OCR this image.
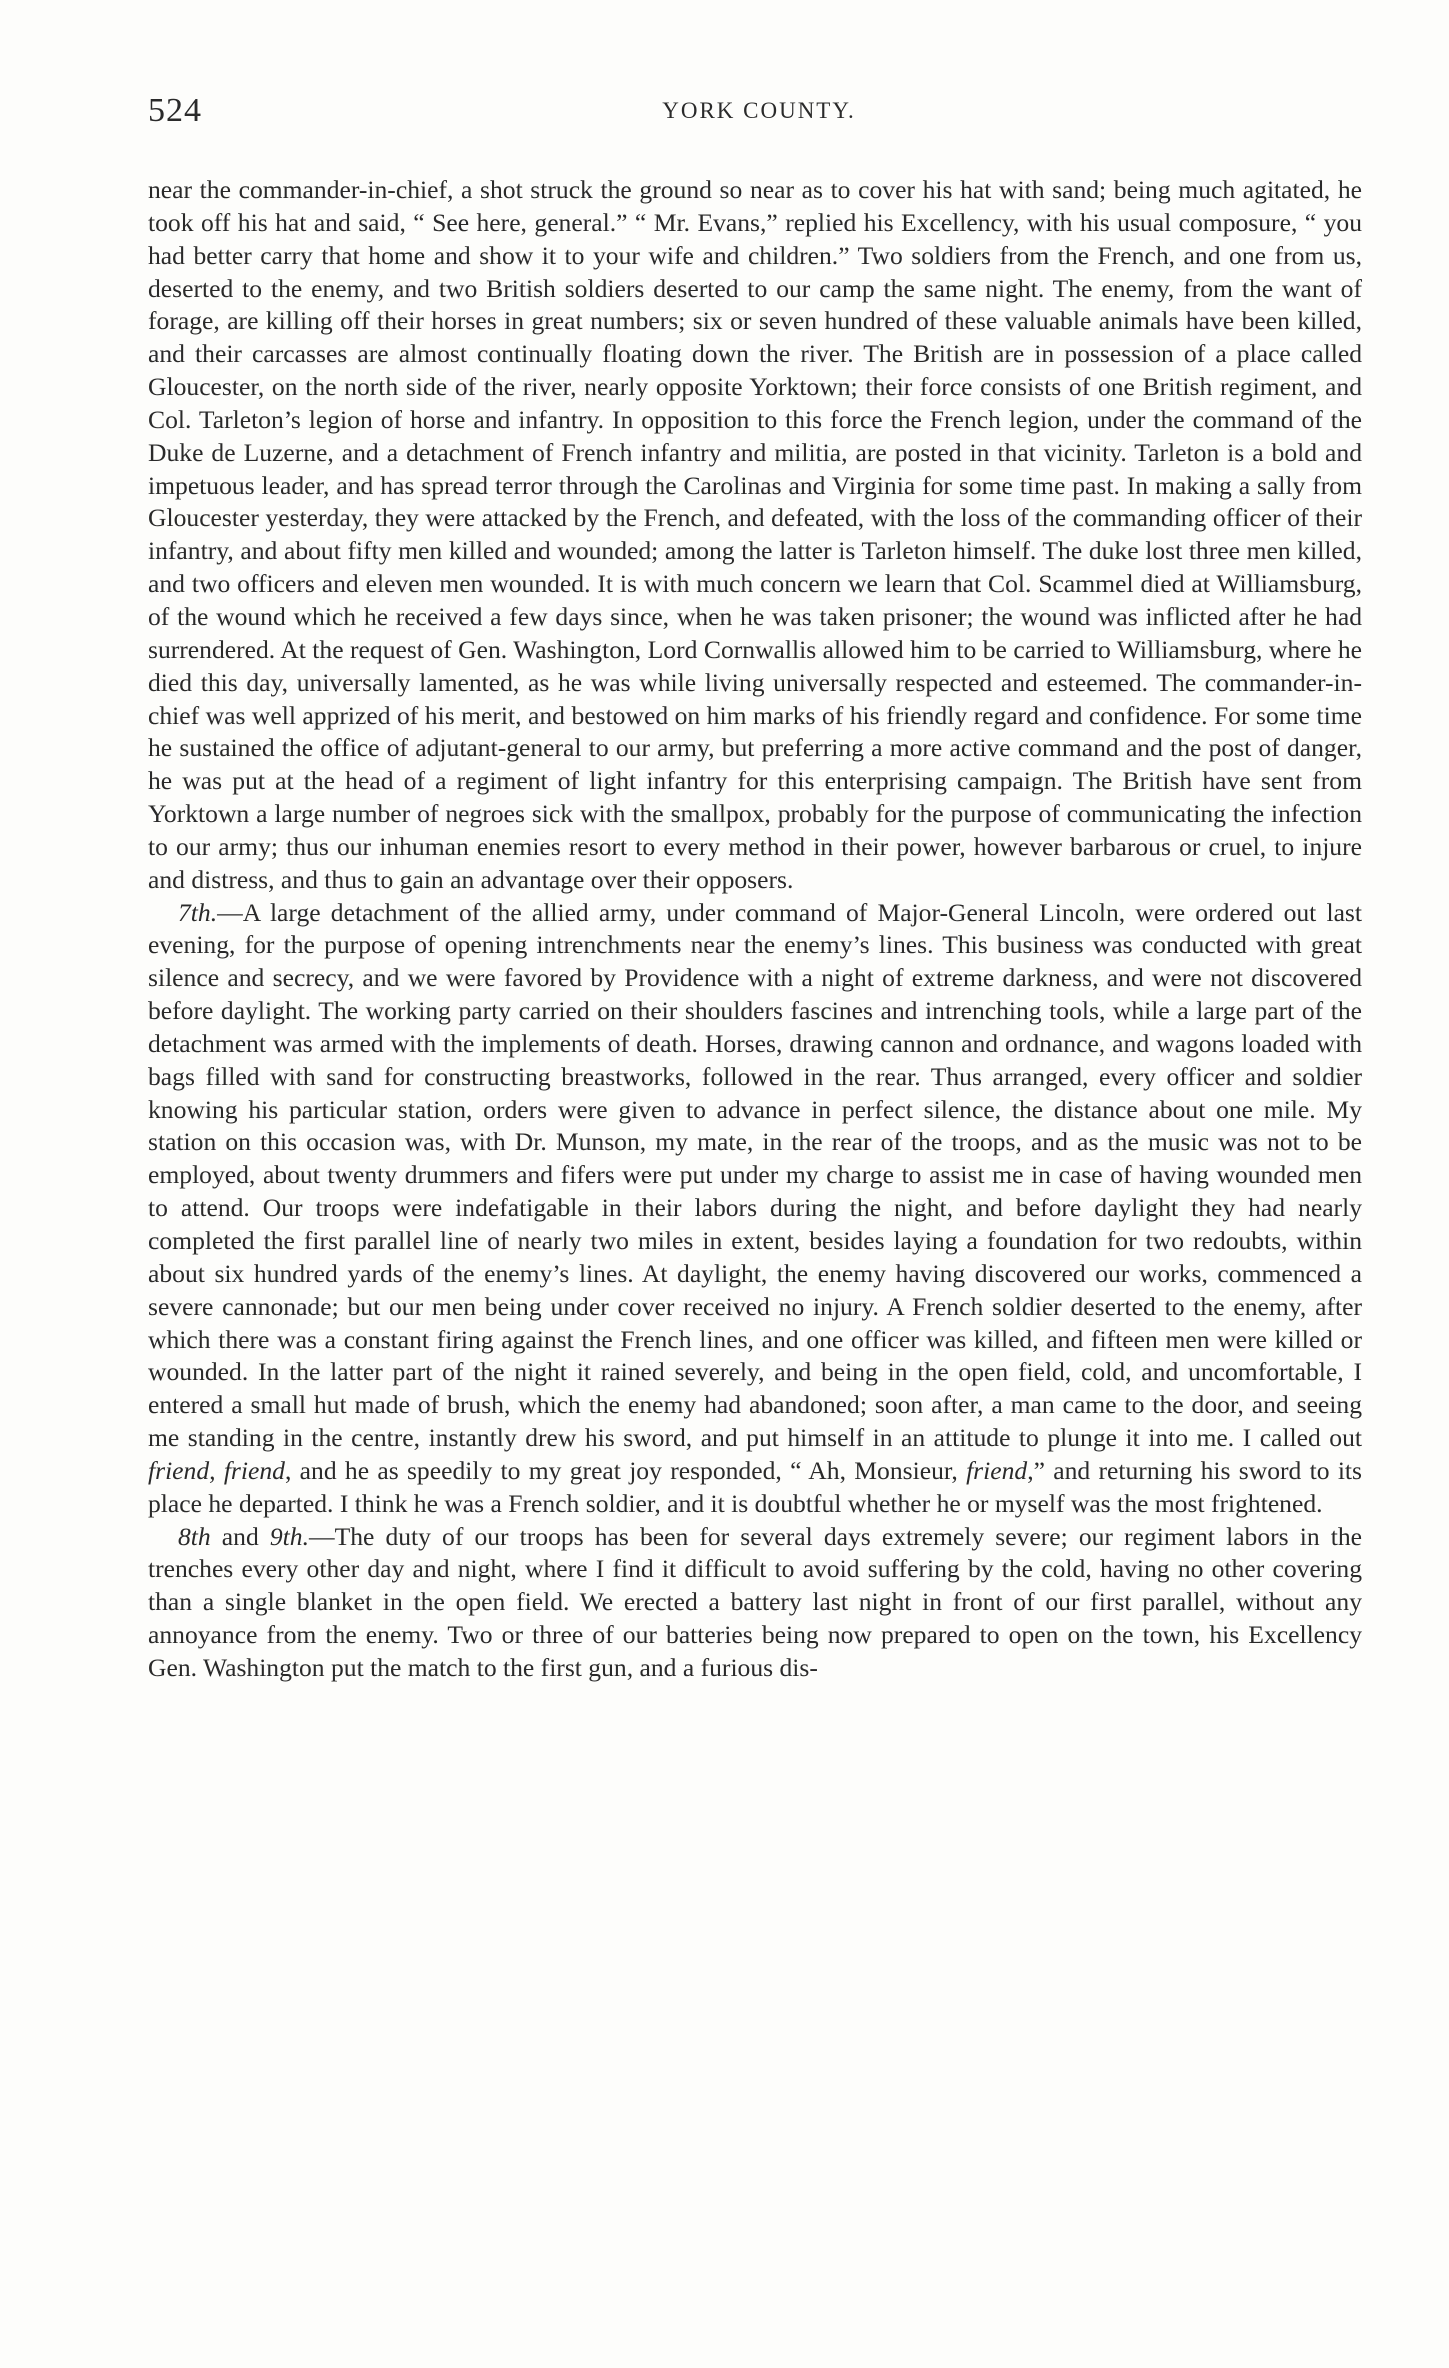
524	YORK COUNTY.

near the commander-in-chief, a shot struck the ground so near as to cover his hat with sand; being much agitated, he took off his hat and said, “ See here, general.” “ Mr. Evans,” replied his Excellency, with his usual composure, “ you had better carry that home and show it to your wife and children.” Two soldiers from the French, and one from us, deserted to the enemy, and two British soldiers deserted to our camp the same night. The enemy, from the want of forage, are killing off their horses in great numbers; six or seven hundred of these valuable animals have been killed, and their carcasses are almost continually floating down the river. The British are in possession of a place called Gloucester, on the north side of the river, nearly opposite Yorktown; their force consists of one British regiment, and Col. Tarleton’s legion of horse and infantry. In opposition to this force the French legion, under the command of the Duke de Luzerne, and a detachment of French infantry and militia, are posted in that vicinity. Tarleton is a bold and impetuous leader, and has spread terror through the Carolinas and Virginia for some time past. In making a sally from Gloucester yesterday, they were attacked by the French, and defeated, with the loss of the commanding officer of their infantry, and about fifty men killed and wounded; among the latter is Tarleton himself. The duke lost three men killed, and two officers and eleven men wounded. It is with much concern we learn that Col. Scammel died at Williamsburg, of the wound which he received a few days since, when he was taken prisoner; the wound was inflicted after he had surrendered. At the request of Gen. Washington, Lord Cornwallis allowed him to be carried to Williamsburg, where he died this day, universally lamented, as he was while living universally respected and esteemed. The commander-in-chief was well apprized of his merit, and bestowed on him marks of his friendly regard and confidence. For some time he sustained the office of adjutant-general to our army, but preferring a more active command and the post of danger, he was put at the head of a regiment of light infantry for this enterprising campaign. The British have sent from Yorktown a large number of negroes sick with the smallpox, probably for the purpose of communicating the infection to our army; thus our inhuman enemies resort to every method in their power, however barbarous or cruel, to injure and distress, and thus to gain an advantage over their opposers.

7th.—A large detachment of the allied army, under command of Major-General Lincoln, were ordered out last evening, for the purpose of opening intrenchments near the enemy’s lines. This business was conducted with great silence and secrecy, and we were favored by Providence with a night of extreme darkness, and were not discovered before daylight. The working party carried on their shoulders fascines and intrenching tools, while a large part of the detachment was armed with the implements of death. Horses, drawing cannon and ordnance, and wagons loaded with bags filled with sand for constructing breastworks, followed in the rear. Thus arranged, every officer and soldier knowing his particular station, orders were given to advance in perfect silence, the distance about one mile. My station on this occasion was, with Dr. Munson, my mate, in the rear of the troops, and as the music was not to be employed, about twenty drummers and fifers were put under my charge to assist me in case of having wounded men to attend. Our troops were indefatigable in their labors during the night, and before daylight they had nearly completed the first parallel line of nearly two miles in extent, besides laying a foundation for two redoubts, within about six hundred yards of the enemy’s lines. At daylight, the enemy having discovered our works, commenced a severe cannonade; but our men being under cover received no injury. A French soldier deserted to the enemy, after which there was a constant firing against the French lines, and one officer was killed, and fifteen men were killed or wounded. In the latter part of the night it rained severely, and being in the open field, cold, and uncomfortable, I entered a small hut made of brush, which the enemy had abandoned; soon after, a man came to the door, and seeing me standing in the centre, instantly drew his sword, and put himself in an attitude to plunge it into me. I called out friend, friend, and he as speedily to my great joy responded, “ Ah, Monsieur, friend,” and returning his sword to its place he departed. I think he was a French soldier, and it is doubtful whether he or myself was the most frightened.

8th and 9th.—The duty of our troops has been for several days extremely severe; our regiment labors in the trenches every other day and night, where I find it difficult to avoid suffering by the cold, having no other covering than a single blanket in the open field. We erected a battery last night in front of our first parallel, without any annoyance from the enemy. Two or three of our batteries being now prepared to open on the town, his Excellency Gen. Washington put the match to the first gun, and a furious dis-
